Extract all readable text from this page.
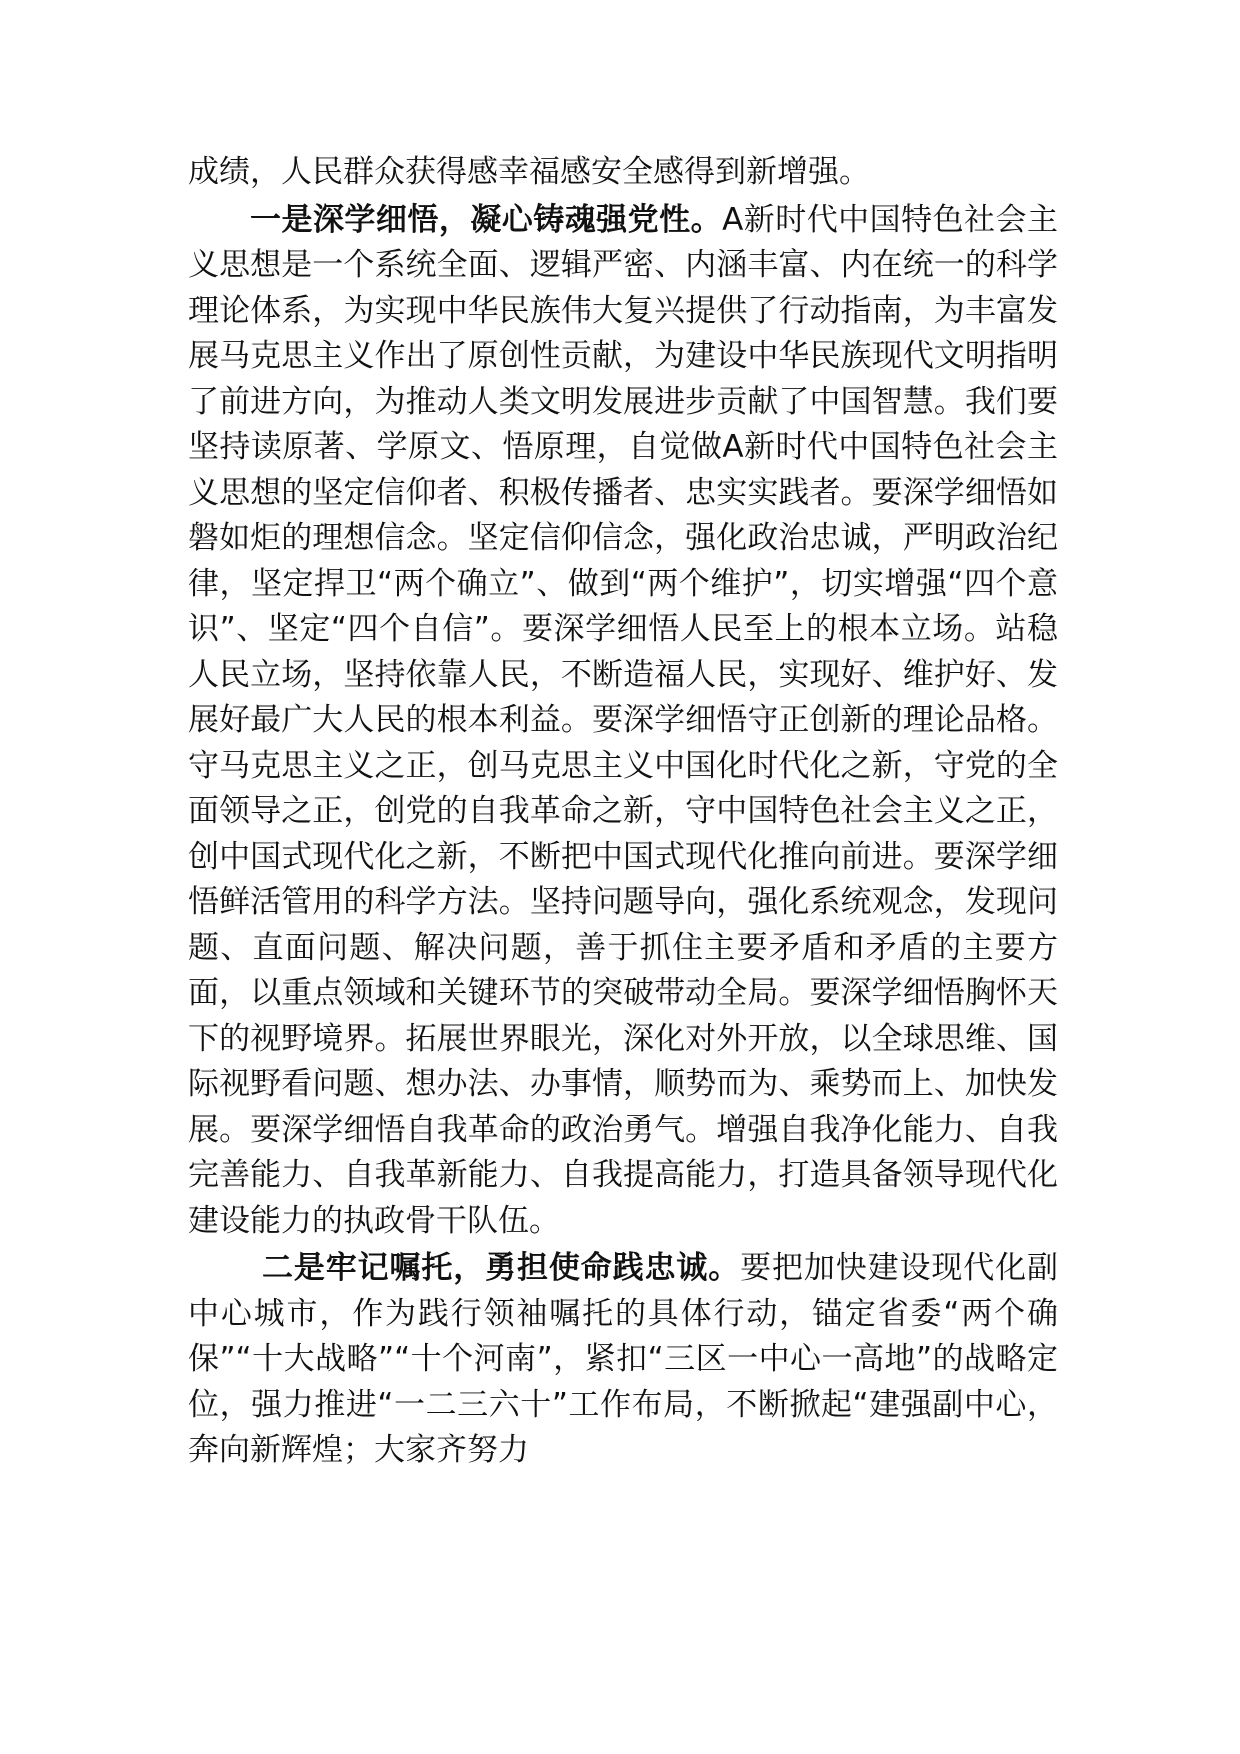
成绩，人民群众获得感幸福感安全感得到新增强。

一是深学细悟，凝心铸魂强党性。A新时代中国特色社会主义思想是一个系统全面、逻辑严密、内涵丰富、内在统一的科学理论体系，为实现中华民族伟大复兴提供了行动指南，为丰富发展马克思主义作出了原创性贡献，为建设中华民族现代文明指明了前进方向，为推动人类文明发展进步贡献了中国智慧。我们要坚持读原著、学原文、悟原理，自觉做A新时代中国特色社会主义思想的坚定信仰者、积极传播者、忠实实践者。要深学细悟如磐如炬的理想信念。坚定信仰信念，强化政治忠诚，严明政治纪律，坚定捍卫“两个确立”、做到“两个维护”，切实增强“四个意识”、坚定“四个自信”。要深学细悟人民至上的根本立场。站稳人民立场，坚持依靠人民，不断造福人民，实现好、维护好、发展好最广大人民的根本利益。要深学细悟守正创新的理论品格。守马克思主义之正，创马克思主义中国化时代化之新，守党的全面领导之正，创党的自我革命之新，守中国特色社会主义之正，创中国式现代化之新，不断把中国式现代化推向前进。要深学细悟鲜活管用的科学方法。坚持问题导向，强化系统观念，发现问题、直面问题、解决问题，善于抓住主要矛盾和矛盾的主要方面，以重点领域和关键环节的突破带动全局。要深学细悟胸怀天下的视野境界。拓展世界眼光，深化对外开放，以全球思维、国际视野看问题、想办法、办事情，顺势而为、乘势而上、加快发展。要深学细悟自我革命的政治勇气。增强自我净化能力、自我完善能力、自我革新能力、自我提高能力，打造具备领导现代化建设能力的执政骨干队伍。

二是牢记嘱托，勇担使命践忠诚。要把加快建设现代化副中心城市，作为践行领袖嘱托的具体行动，锚定省委“两个确保”“十大战略”“十个河南”，紧扣“三区一中心一高地”的战略定位，强力推进“一二三六十”工作布局，不断掀起“建强副中心，奔向新辉煌；大家齐努力
